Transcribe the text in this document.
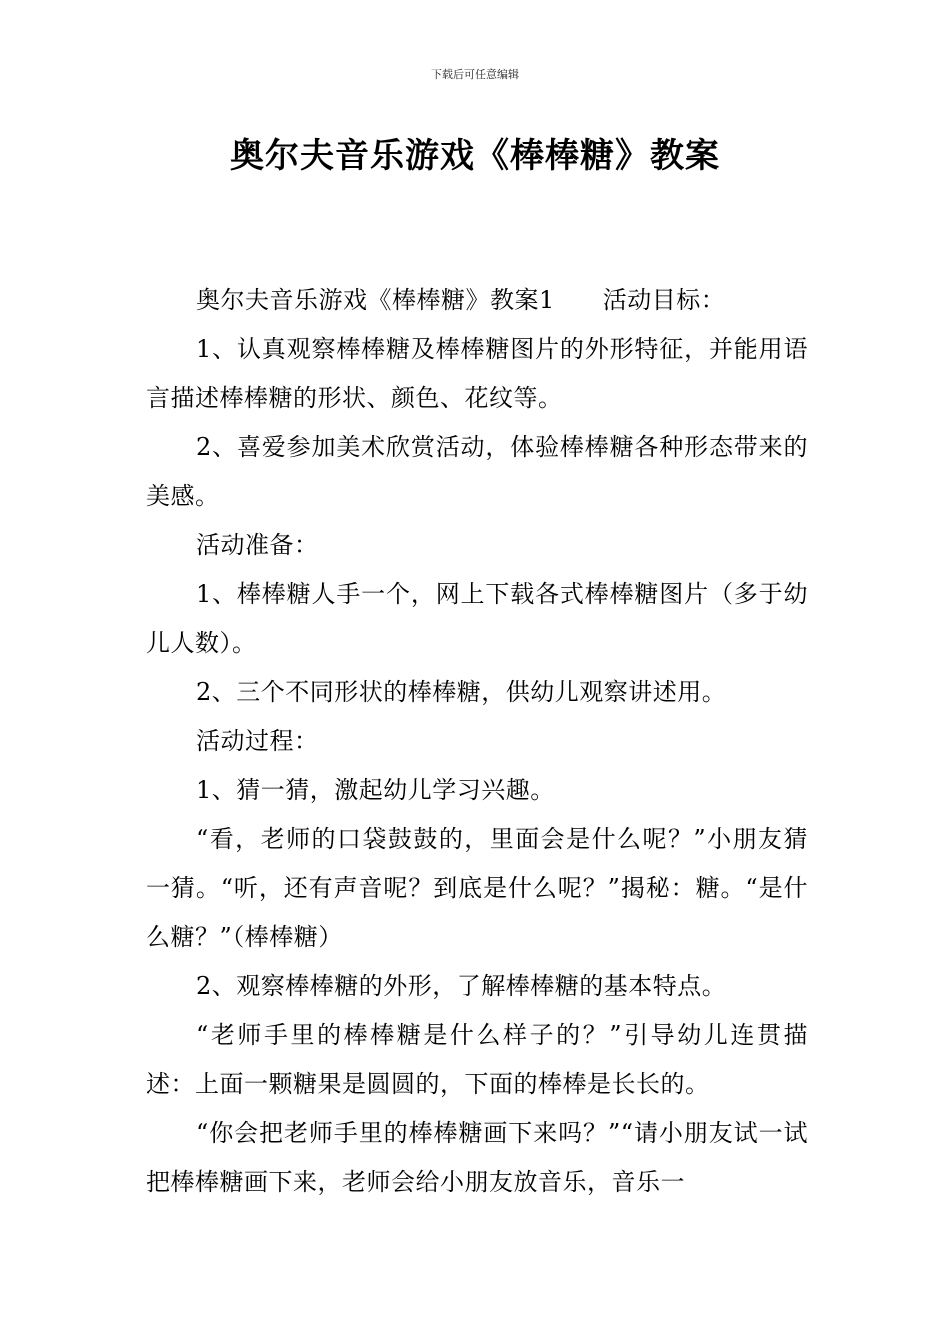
下载后可任意编辑
奥尔夫音乐游戏《棒棒糖》教案

奥尔夫音乐游戏《棒棒糖》教案1 活动目标：

1、认真观察棒棒糖及棒棒糖图片的外形特征，并能用语言描述棒棒糖的形状、颜色、花纹等。

2、喜爱参加美术欣赏活动，体验棒棒糖各种形态带来的美感。

活动准备：

1、棒棒糖人手一个，网上下载各式棒棒糖图片（多于幼儿人数）。

2、三个不同形状的棒棒糖，供幼儿观察讲述用。

活动过程：

1、猜一猜，激起幼儿学习兴趣。

“看，老师的口袋鼓鼓的，里面会是什么呢？”小朋友猜一猜。“听，还有声音呢？到底是什么呢？”揭秘：糖。“是什么糖？”（棒棒糖）

2、观察棒棒糖的外形，了解棒棒糖的基本特点。

“老师手里的棒棒糖是什么样子的？”引导幼儿连贯描述：上面一颗糖果是圆圆的，下面的棒棒是长长的。

“你会把老师手里的棒棒糖画下来吗？”“请小朋友试一试把棒棒糖画下来，老师会给小朋友放音乐，音乐一
